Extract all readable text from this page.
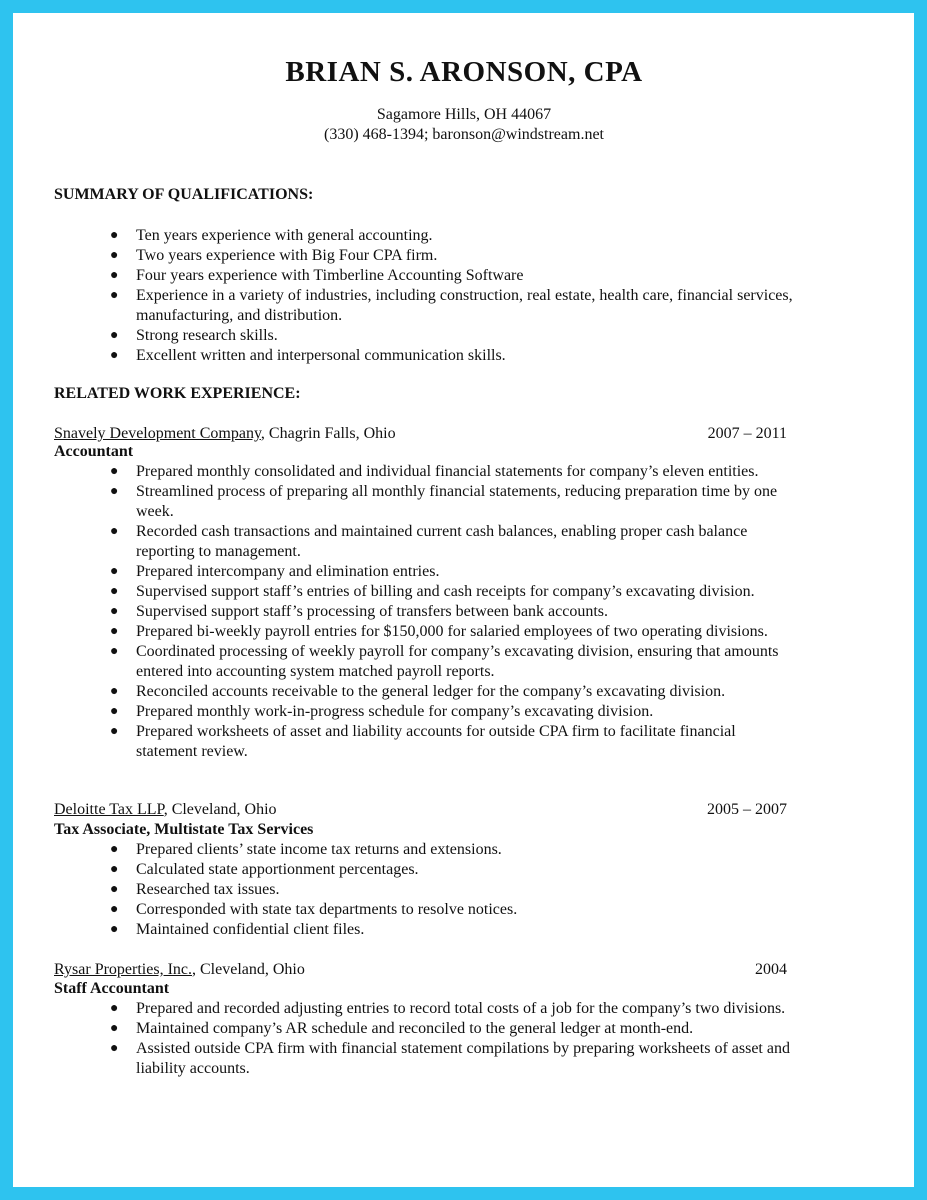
BRIAN S. ARONSON, CPA

Sagamore Hills, OH 44067

(330) 468-1394; baronson@windstream.net

SUMMARY OF QUALIFICATIONS:

● Ten years experience with general accounting.
● Two years experience with Big Four CPA firm.
● Four years experience with Timberline Accounting Software
● Experience in a variety of industries, including construction, real estate, health care, financial services, manufacturing, and distribution.
● Strong research skills.
● Excellent written and interpersonal communication skills.

RELATED WORK EXPERIENCE:

Snavely Development Company, Chagrin Falls, Ohio	2007 – 2011
Accountant
● Prepared monthly consolidated and individual financial statements for company’s eleven entities.
● Streamlined process of preparing all monthly financial statements, reducing preparation time by one week.
● Recorded cash transactions and maintained current cash balances, enabling proper cash balance reporting to management.
● Prepared intercompany and elimination entries.
● Supervised support staff’s entries of billing and cash receipts for company’s excavating division.
● Supervised support staff’s processing of transfers between bank accounts.
● Prepared bi-weekly payroll entries for $150,000 for salaried employees of two operating divisions.
● Coordinated processing of weekly payroll for company’s excavating division, ensuring that amounts entered into accounting system matched payroll reports.
● Reconciled accounts receivable to the general ledger for the company’s excavating division.
● Prepared monthly work-in-progress schedule for company’s excavating division.
● Prepared worksheets of asset and liability accounts for outside CPA firm to facilitate financial statement review.
Deloitte Tax LLP, Cleveland, Ohio	2005 – 2007
Tax Associate, Multistate Tax Services
● Prepared clients’ state income tax returns and extensions.
● Calculated state apportionment percentages.
● Researched tax issues.
● Corresponded with state tax departments to resolve notices.
● Maintained confidential client files.
Rysar Properties, Inc., Cleveland, Ohio	2004
Staff Accountant
● Prepared and recorded adjusting entries to record total costs of a job for the company’s two divisions.
● Maintained company’s AR schedule and reconciled to the general ledger at month-end.
● Assisted outside CPA firm with financial statement compilations by preparing worksheets of asset and liability accounts.
